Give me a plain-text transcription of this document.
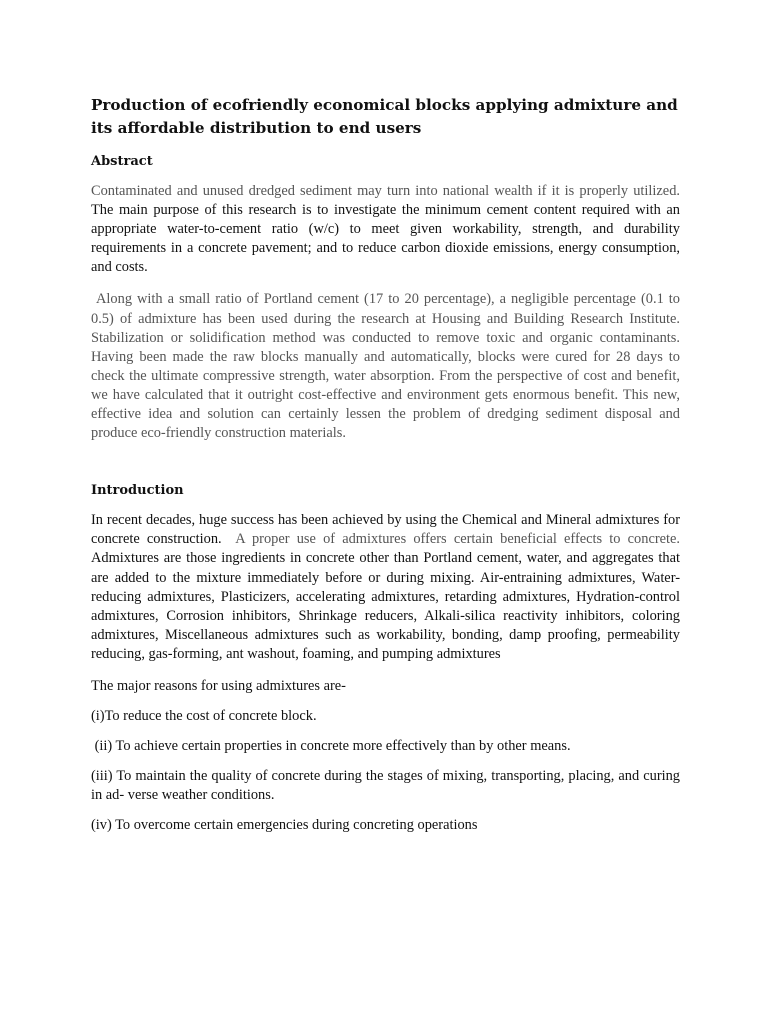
Production of ecofriendly economical blocks applying admixture and its affordable distribution to end users
Abstract

Contaminated and unused dredged sediment may turn into national wealth if it is properly utilized. The main purpose of this research is to investigate the minimum cement content required with an appropriate water-to-cement ratio (w/c) to meet given workability, strength, and durability requirements in a concrete pavement; and to reduce carbon dioxide emissions, energy consumption, and costs.

Along with a small ratio of Portland cement (17 to 20 percentage), a negligible percentage (0.1 to 0.5) of admixture has been used during the research at Housing and Building Research Institute. Stabilization or solidification method was conducted to remove toxic and organic contaminants.  Having been made the raw blocks manually and automatically, blocks were cured for 28 days to check the ultimate compressive strength, water absorption. From the perspective of cost and benefit, we have calculated that it outright cost-effective and environment gets enormous benefit. This new, effective idea and solution can certainly lessen the problem of dredging sediment disposal and produce eco-friendly construction materials.

Introduction

In recent decades, huge success has been achieved by using the Chemical and Mineral admixtures for concrete construction.  A proper use of admixtures offers certain beneficial effects to concrete. Admixtures are those ingredients in concrete other than Portland cement, water, and aggregates that are added to the mixture immediately before or during mixing. Air-entraining admixtures, Water-reducing admixtures, Plasticizers, accelerating admixtures, retarding admixtures, Hydration-control admixtures, Corrosion inhibitors, Shrinkage reducers, Alkali-silica reactivity inhibitors, coloring admixtures, Miscellaneous admixtures such as workability, bonding, damp proofing, permeability reducing, gas-forming, ant washout, foaming, and pumping admixtures

The major reasons for using admixtures are-

(i)To reduce the cost of concrete block.

(ii) To achieve certain properties in concrete more effectively than by other means.

(iii) To maintain the quality of concrete during the stages of mixing, transporting, placing, and curing in ad- verse weather conditions.

(iv) To overcome certain emergencies during concreting operations
